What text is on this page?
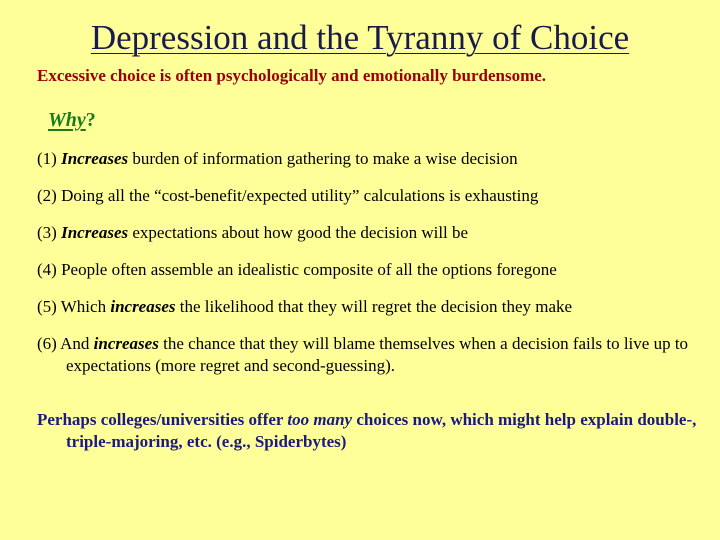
Depression and the Tyranny of Choice
Excessive choice is often psychologically and emotionally burdensome.
Why?
(1) Increases burden of information gathering to make a wise decision
(2) Doing all the “cost-benefit/expected utility” calculations is exhausting
(3) Increases expectations about how good the decision will be
(4) People often assemble an idealistic composite of all the options foregone
(5) Which increases the likelihood that they will regret the decision they make
(6) And increases the chance that they will blame themselves when a decision fails to live up to expectations (more regret and second-guessing).
Perhaps colleges/universities offer too many choices now, which might help explain double-, triple-majoring, etc. (e.g., Spiderbytes)
